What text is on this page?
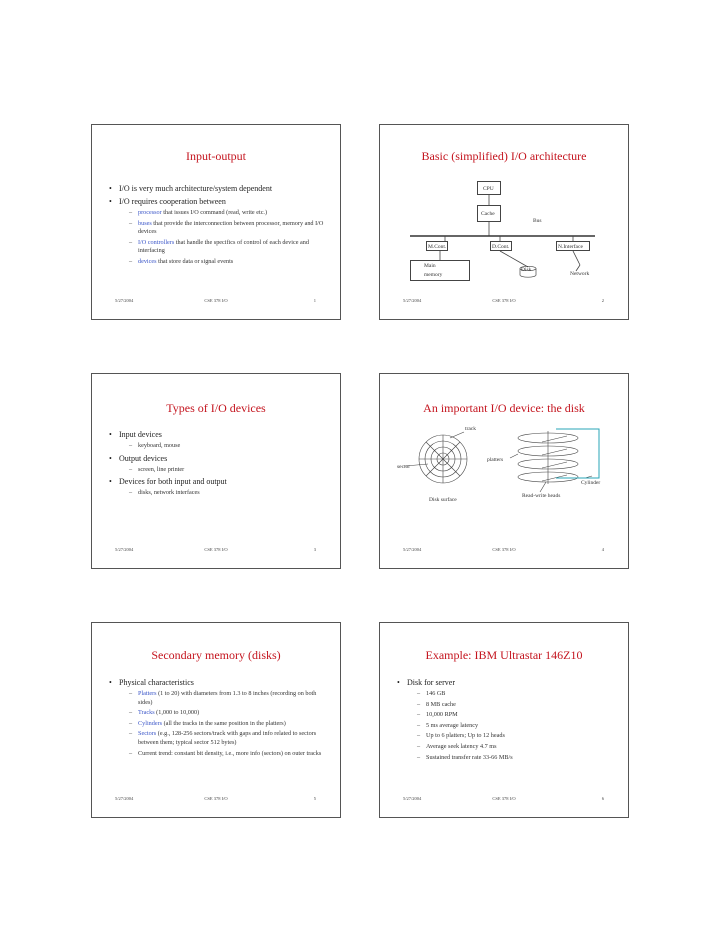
Input-output
• I/O is very much architecture/system dependent
• I/O requires cooperation between
– processor that issues I/O command (read, write etc.)
– buses that provide the interconnection between processor, memory and I/O devices
– I/O controllers that handle the specifics of control of each device and interfacing
– devices that store data or signal events
5/27/2004	CSE 378 I/O	1
Basic (simplified) I/O architecture
CPU
Cache
Bus
M.Cont.	D.Cont.	N.Interface
Main
memory
Disk
Network
5/27/2004	CSE 378 I/O	2
Types of I/O devices
• Input devices
– keyboard, mouse
• Output devices
– screen, line printer
• Devices for both input and output
– disks, network interfaces
5/27/2004	CSE 378 I/O	3
An important I/O device: the disk
track
sector
Disk surface
platters
Cylinder
Read-write heads
5/27/2004	CSE 378 I/O	4
Secondary memory (disks)
• Physical characteristics
– Platters (1 to 20) with diameters from 1.3 to 8 inches (recording on both sides)
– Tracks (1,000 to 10,000)
– Cylinders (all the tracks in the same position in the platters)
– Sectors (e.g., 128-256 sectors/track with gaps and info related to sectors between them; typical sector 512 bytes)
– Current trend: constant bit density, i.e., more info (sectors) on outer tracks
5/27/2004	CSE 378 I/O	5
Example: IBM Ultrastar 146Z10
• Disk for server
– 146 GB
– 8 MB cache
– 10,000 RPM
– 5 ms average latency
– Up to 6 platters; Up to 12 heads
– Average seek latency 4.7 ms
– Sustained transfer rate 33-66 MB/s
5/27/2004	CSE 378 I/O	6
